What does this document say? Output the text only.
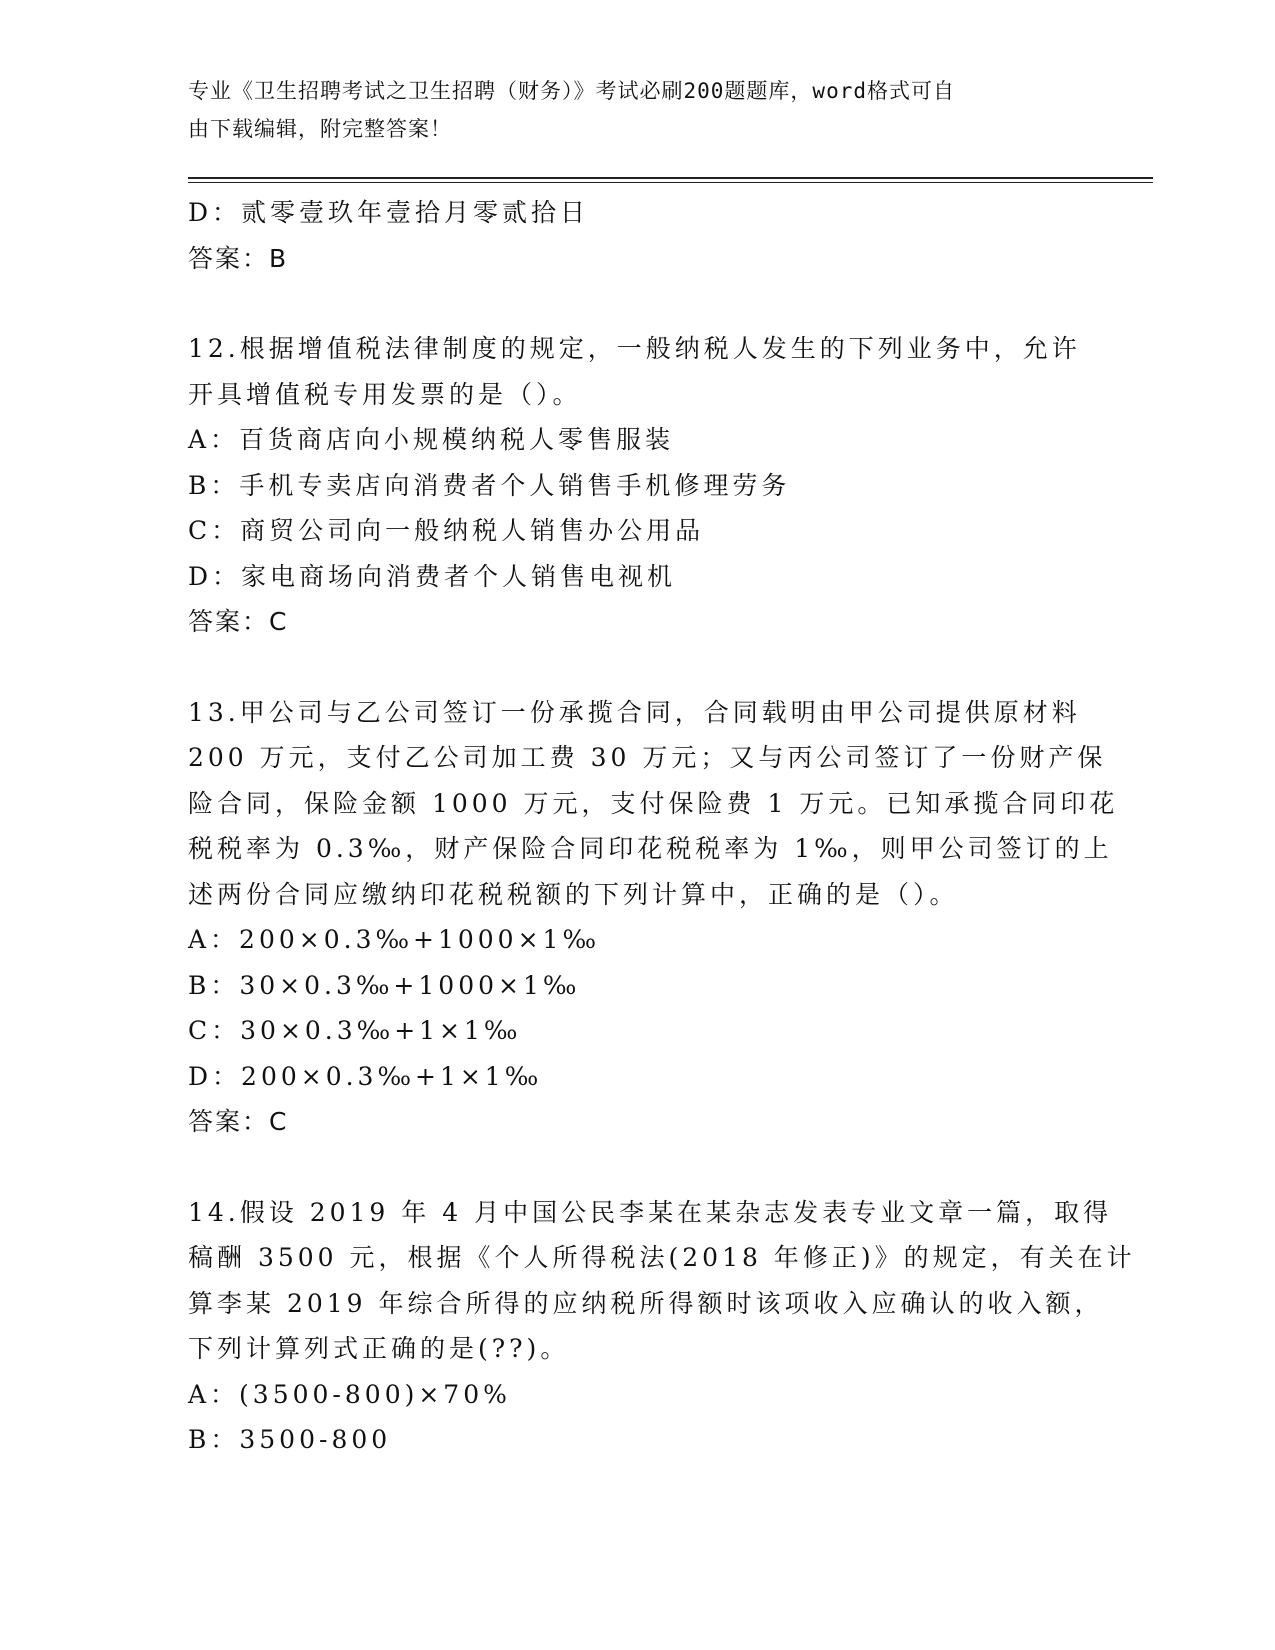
专业《卫生招聘考试之卫生招聘（财务）》考试必刷200题题库，word格式可自
由下载编辑，附完整答案！
D：贰零壹玖年壹拾月零贰拾日
答案：B
12.根据增值税法律制度的规定，一般纳税人发生的下列业务中，允许
开具增值税专用发票的是（）。
A：百货商店向小规模纳税人零售服装
B：手机专卖店向消费者个人销售手机修理劳务
C：商贸公司向一般纳税人销售办公用品
D：家电商场向消费者个人销售电视机
答案：C
13.甲公司与乙公司签订一份承揽合同，合同载明由甲公司提供原材料
200 万元，支付乙公司加工费 30 万元；又与丙公司签订了一份财产保
险合同，保险金额 1000 万元，支付保险费 1 万元。已知承揽合同印花
税税率为 0.3‰，财产保险合同印花税税率为 1‰，则甲公司签订的上
述两份合同应缴纳印花税税额的下列计算中，正确的是（）。
A：200×0.3‰+1000×1‰
B：30×0.3‰+1000×1‰
C：30×0.3‰+1×1‰
D：200×0.3‰+1×1‰
答案：C
14.假设 2019 年 4 月中国公民李某在某杂志发表专业文章一篇，取得
稿酬 3500 元，根据《个人所得税法(2018 年修正)》的规定，有关在计
算李某 2019 年综合所得的应纳税所得额时该项收入应确认的收入额，
下列计算列式正确的是(??)。
A：(3500-800)×70%
B：3500-800
